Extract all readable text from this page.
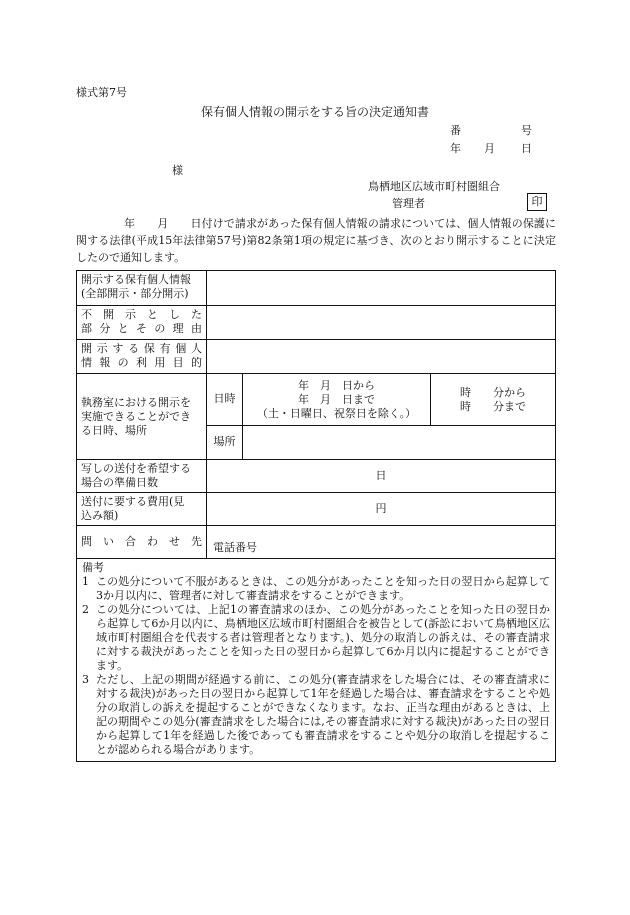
様式第7号
保有個人情報の開示をする旨の決定通知書
番	号
年 月 日
様
鳥栖地区広域市町村圏組合
管理者	印

年　　月　　日付けで請求があった保有個人情報の請求については、個人情報の保護に関する法律(平成15年法律第57号)第82条第1項の規定に基づき、次のとおり開示することに決定したので通知します。

開示する保有個人情報
(全部開示・部分開示)
不開示とした
部分とその理由
開示する保有個人
情報の利用目的
執務室における開示を
実施できることができ
る日時、場所
日時
年　月　日から
年　月　日まで
（土・日曜日、祝祭日を除く。）
時　　分から
時　　分まで
場所
写しの送付を希望する
場合の準備日数
日
送付に要する費用(見
込み額)
円
問い合わせ先 電話番号
備考
1 この処分について不服があるときは、この処分があったことを知った日の翌日から起算して3か月以内に、管理者に対して審査請求をすることができます。
2 この処分については、上記1の審査請求のほか、この処分があったことを知った日の翌日から起算して6か月以内に、鳥栖地区広域市町村圏組合を被告として(訴訟において鳥栖地区広域市町村圏組合を代表する者は管理者となります。)、処分の取消しの訴えは、その審査請求に対する裁決があったことを知った日の翌日から起算して6か月以内に提起することができます。
3 ただし、上記の期間が経過する前に、この処分(審査請求をした場合には、その審査請求に対する裁決)があった日の翌日から起算して1年を経過した場合は、審査請求をすることや処分の取消しの訴えを提起することができなくなります。なお、正当な理由があるときは、上記の期間やこの処分(審査請求をした場合には,その審査請求に対する裁決)があった日の翌日から起算して1年を経過した後であっても審査請求をすることや処分の取消しを提起することが認められる場合があります。
